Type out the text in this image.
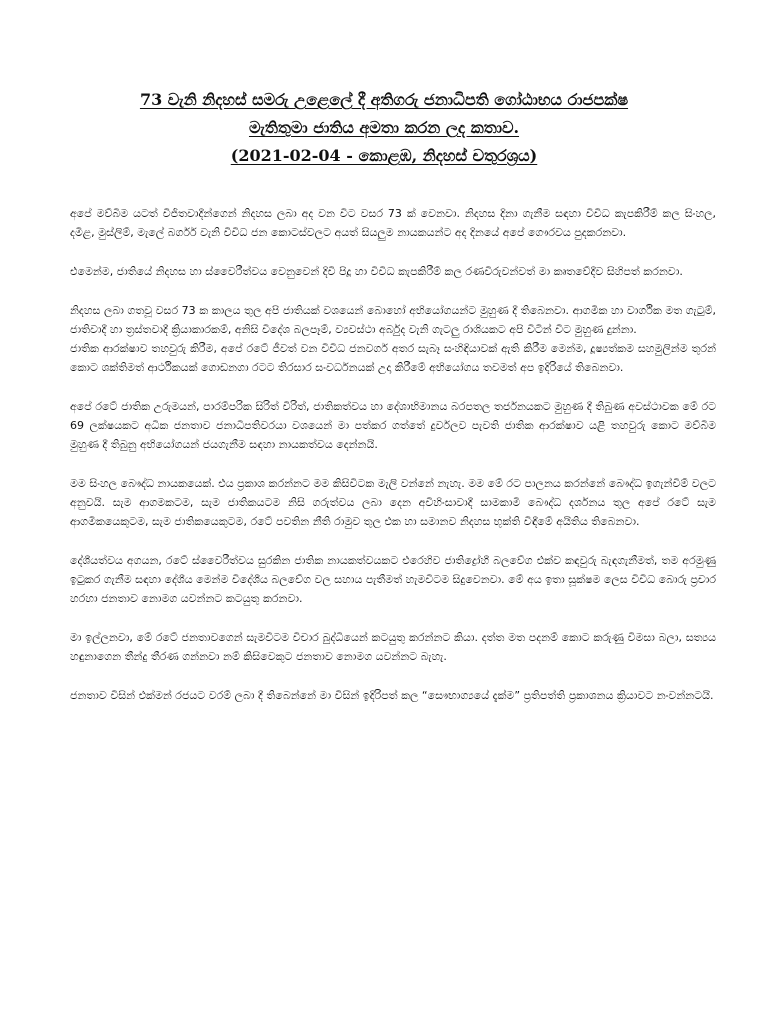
73 වැනි නිදහස් සමරු උළෙලේ දී අතිගරු ජනාධිපති ගෝඨාභය රාජපක්ෂ
මැතිතුමා ජාතිය අමතා කරන ලද කතාව.
(2021-02-04 - කොළඹ, නිදහස් චතුරශ්‍රය)

අපේ මව්බිම යටත් විජිතවාදීන්ගෙන් නිදහස ලබා අද වන විට වසර 73 ක් වෙනවා. නිදහස දිනා ගැනීම සඳහා විවිධ කැපකිරීම් කල සිංහල, දමිළ, මුස්ලිම්, මැලේ බර්ගර් වැනි විවිධ ජන කොටස්වලට අයත් සියලුම නායකයන්ට අද දිනයේ අපේ ගෞරවය පුදකරනවා.

එමෙන්ම, ජාතියේ නිදහස හා ස්වෛරීත්වය වෙනුවෙන් දිවි පිදූ හා විවිධ කැපකිරීම් කල රණවිරුවන්වත් මා කෘතවේදීව සිහිපත් කරනවා.

නිදහස ලබා ගතවූ වසර 73 ක කාලය තුල අපි ජාතියක් වශයෙන් බොහෝ අභියෝගයන්ට මුහුණ දී තිබෙනවා. ආගමික හා වාර්ගික මත ගැටුම්, ජාතිවාදී හා ත්‍රස්තවාදී ක්‍රියාකාරකම්, අනිසි විදේශ බලපෑම්, ව්‍යවස්ථා අර්බුද වැනි ගැටලු රාශියකට අපි විටින් විට මුහුණ දුන්නා.

ජාතික ආරක්ෂාව තහවුරු කිරීම, අපේ රටේ ජීවත් වන විවිධ ජනවර්ග අතර සැබෑ සංහිඳියාවක් ඇති කිරීම මෙන්ම, දූෂ්‍යත්කම සහමුලින්ම තුරන් කොට ශක්තිමත් ආර්ථිකයක් ගොඩනගා රටට තිරසාර සංවර්ධනයක් උදා කිරීමේ අභියෝගය තවමත් අප ඉදිරියේ තිබෙනවා.

අපේ රටේ ජාතික උරුමයන්, පාරම්පරික සිරිත් විරිත්, ජාතිකත්වය හා දේශාභිමානය බරපතල තර්ජනයකට මුහුණ දී තිබුණ අවස්ථාවක මේ රට 69 ලක්ෂයකට අධික ජනතාව ජනාධිපතිවරයා වශයෙන් මා පත්කර ගත්තේ දුර්වලව පැවති ජාතික ආරක්ෂාව යළි තහවුරු කොට මව්බිම මුහුණ දී තිබුනු අභියෝගයන් ජයගැනීම සඳහා නායකත්වය දෙන්නයි.

මම සිංහල බෞද්ධ නායකයෙක්. එය ප්‍රකාශ කරන්නට මම කිසිවිටක මැලි වන්නේ නැහැ. මම මේ රට පාලනය කරන්නේ බෞද්ධ ඉගැන්වීම් වලට අනුවයි. සැම ආගමකටම, සැම ජාතිකයටම නිසි ගරුත්වය ලබා දෙන අවිහිංසාවාදී සාමකාමී බෞද්ධ දර්ශනය තුල අපේ රටේ සැම ආගමිකයෙකුටම, සැම ජාතිකයෙකුටම, රටේ පවතින නීති රාමුව තුල එක හා සමානව නිදහස භුක්ති විඳීමේ අයිතිය තිබෙනවා.

දේශීයත්වය අගයන, රටේ ස්වෛරීත්වය සුරකින ජාතික නායකත්වයකට එරෙහිව ජාතිද්‍රෝහී බලවේග එක්ව කඳවුරු බැඳගැනීමත්, තම අරමුණු ඉටුකර ගැනීම සඳහා දේශීය මෙන්ම විදේශීය බලවේග වල සහාය පැතීමත් හැමවිටම සිදුවෙනවා. මේ අය ඉතා සූක්ෂම ලෙස විවිධ බොරු ප්‍රචාර හරහා ජනතාව නොමග යවන්නට කටයුතු කරනවා.

මා ඉල්ලනවා, මේ රටේ ජනතාවගෙන් සැමවිටම විචාර බුද්ධියෙන් කටයුතු කරන්නට කියා. දත්ත මත පදනම් කොට කරුණු විමසා බලා, සත්‍යය හඳුනාගෙන තීන්දු තීරණ ගන්නවා නම් කිසිවෙකුට ජනතාව නොමග යවන්නට බැහැ.

ජනතාව විසින් එක්මන් රජයට වරම් ලබා දී තිබෙන්නේ මා විසින් ඉදිරිපත් කල “සෞභාග්‍යයේ දැක්ම” ප්‍රතිපත්ති ප්‍රකාශනය ක්‍රියාවට නංවන්නටයි.
